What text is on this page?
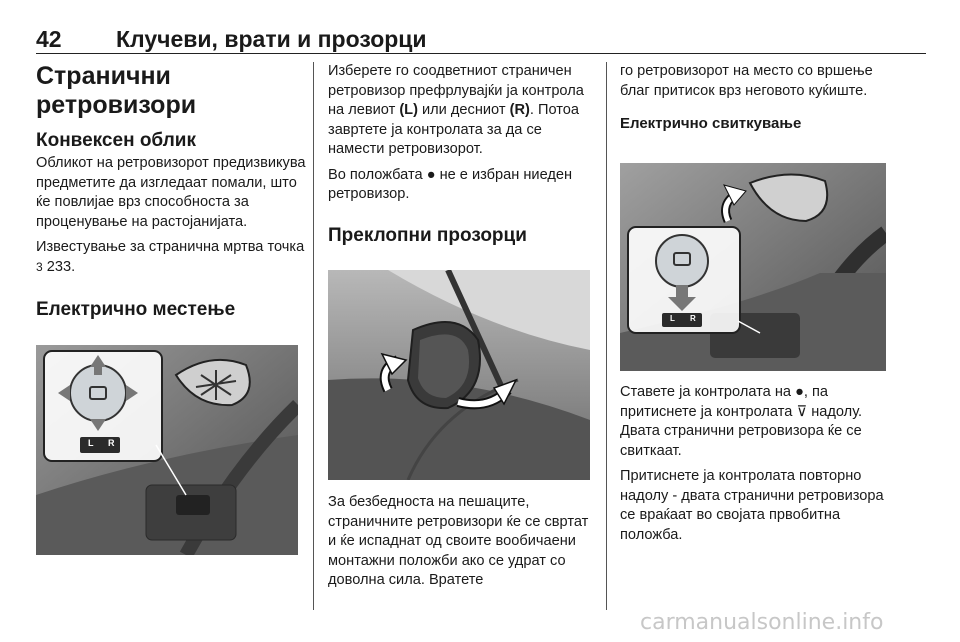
42 Клучеви, врати и прозорци
Странични ретровизори
Конвексен облик

Обликот на ретровизорот предизвикува предметите да изгледаат помали, што ќе повлијае врз способноста за проценување на растојанијата.

Известување за странична мртва точка 3 233.

Електрично местење
L R

Изберете го соодветниот страничен ретровизор префрлувајќи ја контрола на левиот (L) или десниот (R). Потоа завртете ја контролата за да се намести ретровизорот.

Во положбата ● не е избран ниеден ретровизор.

Преклопни прозорци

За безбедноста на пешаците, страничните ретровизори ќе се свртат и ќе испаднат од своите вообичаени монтажни положби ако се удрат со доволна сила. Вратете

го ретровизорот на место со вршење благ притисок врз неговото куќиште.

Електрично свиткување
L R

Ставете ја контролата на ●, па притиснете ја контролата ⊽ надолу. Двата странични ретровизора ќе се свиткаат.

Притиснете ја контролата повторно надолу - двата странични ретровизора се враќаат во својата првобитна положба.

carmanualsonline.info
